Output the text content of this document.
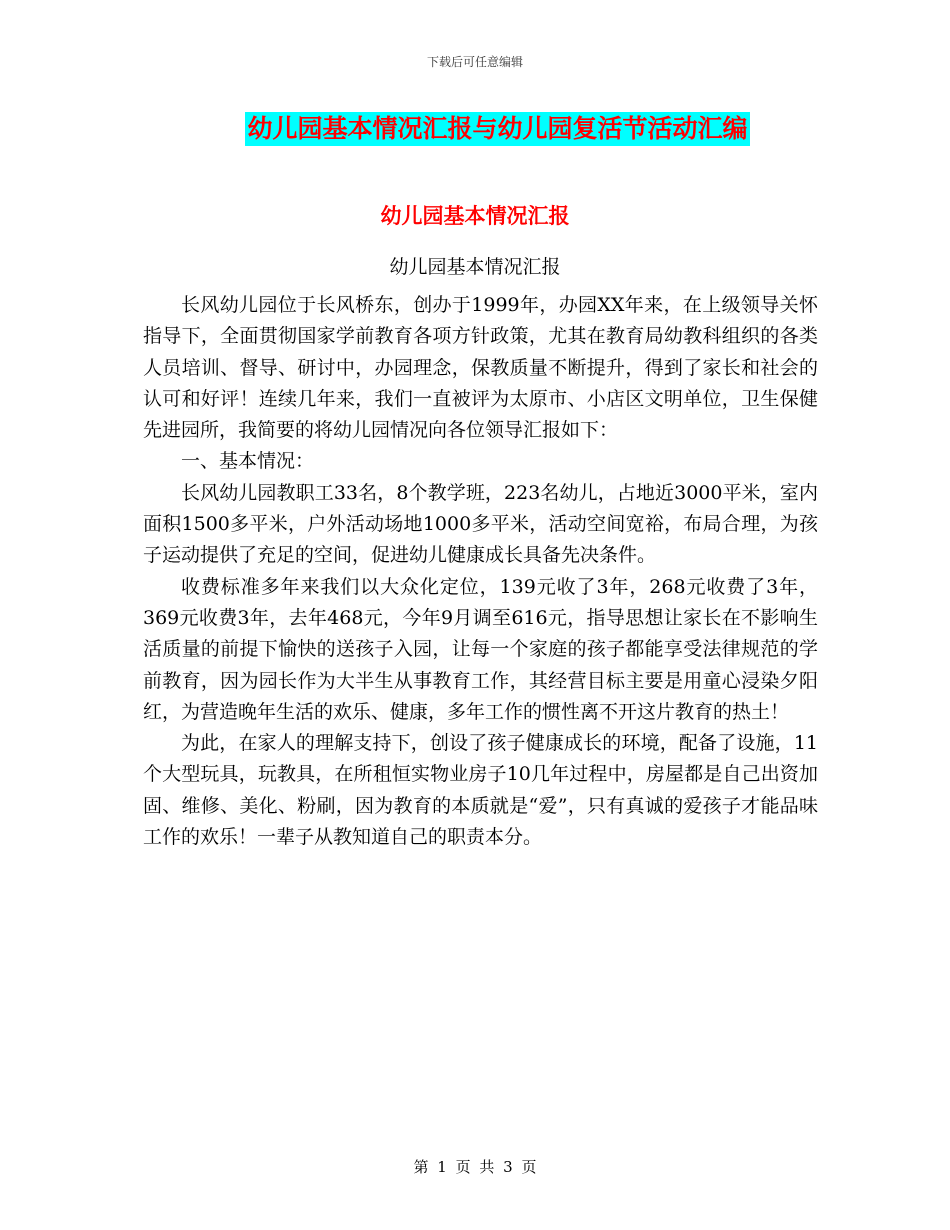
下载后可任意编辑
幼儿园基本情况汇报与幼儿园复活节活动汇编
幼儿园基本情况汇报
幼儿园基本情况汇报

长风幼儿园位于长风桥东，创办于1999年，办园XX年来，在上级领导关怀指导下，全面贯彻国家学前教育各项方针政策，尤其在教育局幼教科组织的各类人员培训、督导、研讨中，办园理念，保教质量不断提升，得到了家长和社会的认可和好评！连续几年来，我们一直被评为太原市、小店区文明单位，卫生保健先进园所，我简要的将幼儿园情况向各位领导汇报如下：

一、基本情况：

长风幼儿园教职工33名，8个教学班，223名幼儿，占地近3000平米，室内面积1500多平米，户外活动场地1000多平米，活动空间宽裕，布局合理，为孩子运动提供了充足的空间，促进幼儿健康成长具备先决条件。

收费标准多年来我们以大众化定位，139元收了3年，268元收费了3年，369元收费3年，去年468元，今年9月调至616元，指导思想让家长在不影响生活质量的前提下愉快的送孩子入园，让每一个家庭的孩子都能享受法律规范的学前教育，因为园长作为大半生从事教育工作，其经营目标主要是用童心浸染夕阳红，为营造晚年生活的欢乐、健康，多年工作的惯性离不开这片教育的热土！

为此，在家人的理解支持下，创设了孩子健康成长的环境，配备了设施，11个大型玩具，玩教具，在所租恒实物业房子10几年过程中，房屋都是自己出资加固、维修、美化、粉刷，因为教育的本质就是“爱”，只有真诚的爱孩子才能品味工作的欢乐！一辈子从教知道自己的职责本分。

第 1 页 共 3 页
